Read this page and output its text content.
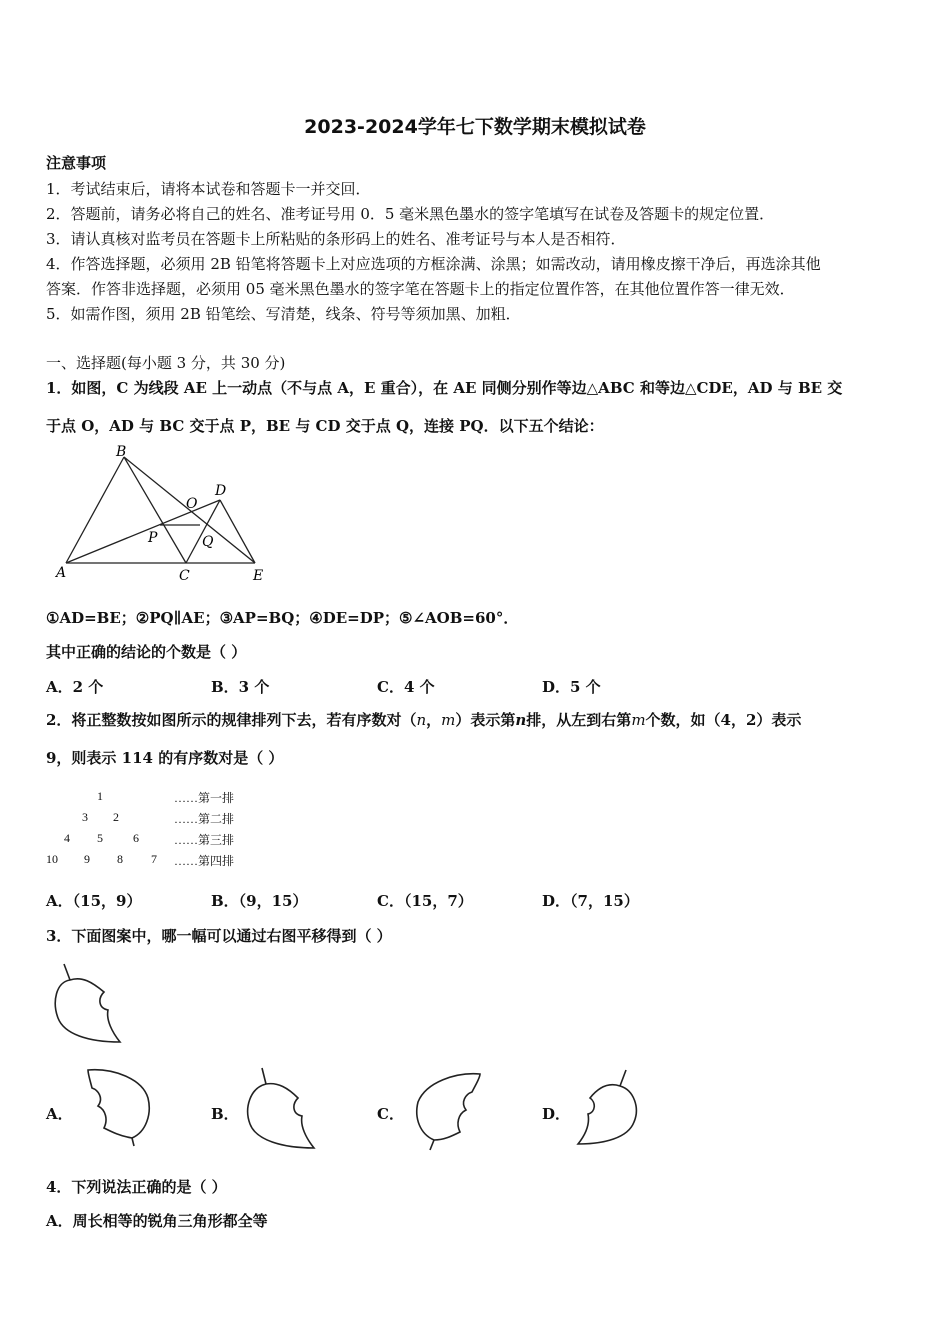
2023-2024学年七下数学期末模拟试卷
注意事项
1．考试结束后，请将本试卷和答题卡一并交回．
2．答题前，请务必将自己的姓名、准考证号用 0．5 毫米黑色墨水的签字笔填写在试卷及答题卡的规定位置．
3．请认真核对监考员在答题卡上所粘贴的条形码上的姓名、准考证号与本人是否相符．
4．作答选择题，必须用 2B 铅笔将答题卡上对应选项的方框涂满、涂黑；如需改动，请用橡皮擦干净后，再选涂其他
答案．作答非选择题，必须用 05 毫米黑色墨水的签字笔在答题卡上的指定位置作答，在其他位置作答一律无效．
5．如需作图，须用 2B 铅笔绘、写清楚，线条、符号等须加黑、加粗．
一、选择题(每小题 3 分，共 30 分)
1．如图，C 为线段 AE 上一动点（不与点 A，E 重合），在 AE 同侧分别作等边△ABC 和等边△CDE，AD 与 BE 交
于点 O，AD 与 BC 交于点 P，BE 与 CD 交于点 Q，连接 PQ．以下五个结论：
B
A	C	E
D
O
P	Q
①AD=BE；②PQ∥AE；③AP=BQ；④DE=DP；⑤∠AOB=60°．
其中正确的结论的个数是（ ）
A．2 个	B．3 个	C．4 个	D．5 个
2．将正整数按如图所示的规律排列下去，若有序数对（n，m）表示第n排，从左到右第m个数，如（4，2）表示
9，则表示 114 的有序数对是（ ）
1	……第一排
3 2	……第二排
4 5	6	……第三排
10 9 8 7 ……第四排
A．（15，9）	B．（9，15）	C．（15，7）	D．（7，15）
3．下面图案中，哪一幅可以通过右图平移得到（ ）
A．	B．	C．	D．
4．下列说法正确的是（ ）
A．周长相等的锐角三角形都全等
